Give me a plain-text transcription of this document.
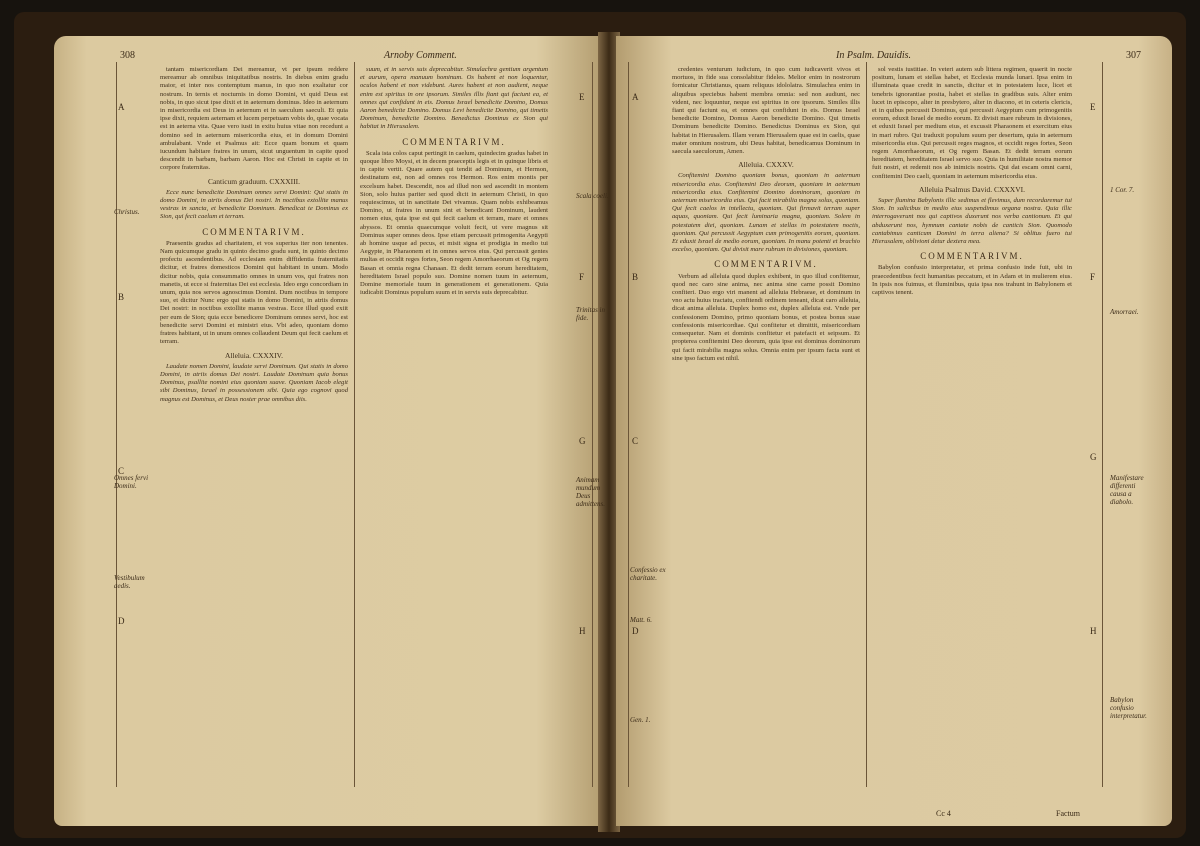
308	Arnoby Comment.
A
B
C
D
E
F
G
H
Christus.
Omnes fervi Domini.
Vestibulum aedis.

tantam misericordiam Dei mereamur, vt per ipsum reddere mereamur ab omnibus iniquitatibus nostris. In diebus enim gradu maior, et inter nos contemptum manus, in quo non exaltatur cor nostrum. In ternis et nocturnis in domo Domini, vt quid Deus est nobis, in quo sicut ipse dixit et in aeternum dominus. Ideo in aeternum in misericordia est Deus in aeternum et in saeculum saeculi. Et quia ipse dixit, requiem aeternam et lucem perpetuam vobis do, quae vocata est in aeterna vita. Quae vero iusti in exitu huius vitae non recedunt a domino sed in aeternum misericordia eius, et in domum Domini ambulabant. Vnde et Psalmus ait: Ecce quam bonum et quam iucundum habitare fratres in unum, sicut unguentum in capite quod descendit in barbam, barbam Aaron. Hoc est Christi in capite et in corpore fraternitas.

Canticum graduum. CXXXIII.

Ecce nunc benedicite Dominum omnes servi Domini: Qui statis in domo Domini, in atriis domus Dei nostri. In noctibus extollite manus vestras in sancta, et benedicite Dominum. Benedicat te Dominus ex Sion, qui fecit caelum et terram.

COMMENTARIVM.

Praesentis gradus ad charitatem, et vos superius iter non tenentes. Nam quicumque gradu in quinto decimo gradu sunt, in quinto decimo profectu ascendentibus. Ad ecclesiam enim diffidentia fraternitatis dicitur, et fratres domesticos Domini qui habitant in unum. Modo dicitur nobis, quia consummatio omnes in unum vos, qui fratres non manetis, ut ecce si fraternitas Dei est ecclesia. Ideo ergo concordiam in unum, quia nos servos agnoscimus Domini. Dum noctibus in tempore suo, et dicitur Nunc ergo qui statis in domo Domini, in atriis domus Dei nostri: in noctibus extollite manus vestras. Ecce illud quod exiit per eum de Sion; quia ecce benedicere Dominum omnes servi, hoc est benedicite servi Domini et ministri eius. Vbi adeo, quoniam domo fratres habitant, ut in unum omnes collaudent Deum qui fecit caelum et terram.

Alleluia. CXXXIV.

Laudate nomen Domini, laudate servi Dominum. Qui statis in domo Domini, in atriis domus Dei nostri. Laudate Dominum quia bonus Dominus, psallite nomini eius quoniam suave. Quoniam Iacob elegit sibi Dominus, Israel in possessionem sibi. Quia ego cognovi quod magnus est Dominus, et Deus noster prae omnibus diis.

suum, et in servis suis deprecabitur. Simulachra gentium argentum et aurum, opera manuum hominum. Os habent et non loquentur, oculos habent et non videbunt. Aures habent et non audient, neque enim est spiritus in ore ipsorum. Similes illis fiant qui faciunt ea, et omnes qui confidunt in eis. Domus Israel benedicite Domino, Domus Aaron benedicite Domino. Domus Levi benedicite Domino, qui timetis Dominum, benedicite Domino. Benedictus Dominus ex Sion qui habitat in Hierusalem.

COMMENTARIVM.

Scala ista colos caput pertingit in caelum, quindecim gradus habet in quoque libro Moysi, et in decem praeceptis legis et in quinque libris et in capite vertit. Quare autem qui tendit ad Dominum, et Hermon, destinatum est, non ad omnes ros Hermon. Ros enim montis per excelsum habet. Descendit, nos ad illud non sed ascendit in montem Sion, solo huius pariter sed quod dicit in aeternum Christi, in quo requiescimus, ut in sanctitate Dei vivamus. Quam nobis exhibeamus Domino, ut fratres in unum sint et benedicant Dominum, laudent nomen eius, quia ipse est qui fecit caelum et terram, mare et omnes abyssos. Et omnia quaecumque voluit fecit, ut vere magnus sit Dominus super omnes deos. Ipse etiam percussit primogenita Aegypti ab homine usque ad pecus, et misit signa et prodigia in medio tui Aegypte, in Pharaonem et in omnes servos eius. Qui percussit gentes multas et occidit reges fortes, Seon regem Amorrhaeorum et Og regem Basan et omnia regna Chanaan. Et dedit terram eorum hereditatem, hereditatem Israel populo suo. Domine nomen tuum in aeternum, Domine memoriale tuum in generationem et generationem. Quia iudicabit Dominus populum suum et in servis suis deprecabitur.

In Psalm. Dauidis.	307
A
B
C
D
E
F
G
H
Scala coeli.
Trinitas in fide.
Animam mundum Deus admittens.
Confessio ex charitate.
Matt. 6.
Gen. 1.
1 Cor. 7.
Amorraei.
Manifestare differenti causa a diabolo.
Babylon confusio interpretatur.

credentes venturum iudicium, in quo cum iudicaverit vivos et mortuos, in fide sua consolabitur fideles. Melior enim in nostrorum fornicatur Christianus, quam reliquus idololatra. Simulachra enim in aliquibus speciebus habent membra omnia: sed non audiunt, nec vident, nec loquuntur, neque est spiritus in ore ipsorum. Similes illis fiant qui faciunt ea, et omnes qui confidunt in eis. Domus Israel benedicite Domino, Domus Aaron benedicite Domino. Qui timetis Dominum benedicite Domino. Benedictus Dominus ex Sion, qui habitat in Hierusalem. Illam veram Hierusalem quae est in caelis, quae mater omnium nostrum, ubi Deus habitat, benedicamus Dominum in saecula saeculorum, Amen.

Alleluia. CXXXV.

Confitemini Domino quoniam bonus, quoniam in aeternum misericordia eius. Confitemini Deo deorum, quoniam in aeternum misericordia eius. Confitemini Domino dominorum, quoniam in aeternum misericordia eius. Qui facit mirabilia magna solus, quoniam. Qui fecit caelos in intellectu, quoniam. Qui firmavit terram super aquas, quoniam. Qui fecit luminaria magna, quoniam. Solem in potestatem diei, quoniam. Lunam et stellas in potestatem noctis, quoniam. Qui percussit Aegyptum cum primogenitis eorum, quoniam. Et eduxit Israel de medio eorum, quoniam. In manu potenti et brachio excelso, quoniam. Qui divisit mare rubrum in divisiones, quoniam.

COMMENTARIVM.

Verbum ad alleluia quod duplex exhibent, in quo illud confitemur, quod nec caro sine anima, nec anima sine carne possit Domino confiteri. Duo ergo viri manent ad alleluia Hebraeae, et dominum in vno actu huius tractatu, confitendi ordinem teneant, dicat caro alleluia, dicat anima alleluia. Duplex homo est, duplex alleluia est. Vnde per confessionem Domino, primo quoniam bonus, et postea bonus suae confessionis misericordiae. Qui confitetur et dimittit, misericordiam consequetur. Nam et dominis confitetur et patefacit et seipsum. Et propterea confitemini Deo deorum, quia ipse est dominus dominorum qui facit mirabilia magna solus. Omnia enim per ipsum facta sunt et sine ipso factum est nihil.

sol vestis iustitiae. In veteri autem sub littera regimen, quaerit in nocte positum, lunam et stellas habet, et Ecclesia munda lunari. Ipsa enim in illuminata quae credit in sanctis, dicitur et in potestatem luce, licet et tenebris ignorantiae posita, habet et stellas in gradibus suis. Alter enim lucet in episcopo, alter in presbytero, alter in diacono, et in ceteris clericis, et in quibus percussit Dominus, qui percussit Aegyptum cum primogenitis eorum, eduxit Israel de medio eorum. Et divisit mare rubrum in divisiones, et eduxit Israel per medium eius, et excussit Pharaonem et exercitum eius in mari rubro. Qui traduxit populum suum per desertum, quia in aeternum misericordia eius. Qui percussit reges magnos, et occidit reges fortes, Seon regem Amorrhaeorum, et Og regem Basan. Et dedit terram eorum hereditatem, hereditatem Israel servo suo. Quia in humilitate nostra memor fuit nostri, et redemit nos ab inimicis nostris. Qui dat escam omni carni, confitemini Deo caeli, quoniam in aeternum misericordia eius.

Alleluia Psalmus David. CXXXVI.

Super flumina Babylonis illic sedimus et flevimus, dum recordaremur tui Sion. In salicibus in medio eius suspendimus organa nostra. Quia illic interrogaverunt nos qui captivos duxerunt nos verba cantionum. Et qui abduxerunt nos, hymnum cantate nobis de canticis Sion. Quomodo cantabimus canticum Domini in terra aliena? Si oblitus fuero tui Hierusalem, oblivioni detur dextera mea.

COMMENTARIVM.

Babylon confusio interpretatur, et prima confusio inde fuit, ubi in praecedentibus fecit humanitas peccatum, et in Adam et in mulierem eius. In ipsis nos fuimus, et fluminibus, quia ipsa nos trahunt in Babylonem et captivos tenent.

Cc 4	Factum
